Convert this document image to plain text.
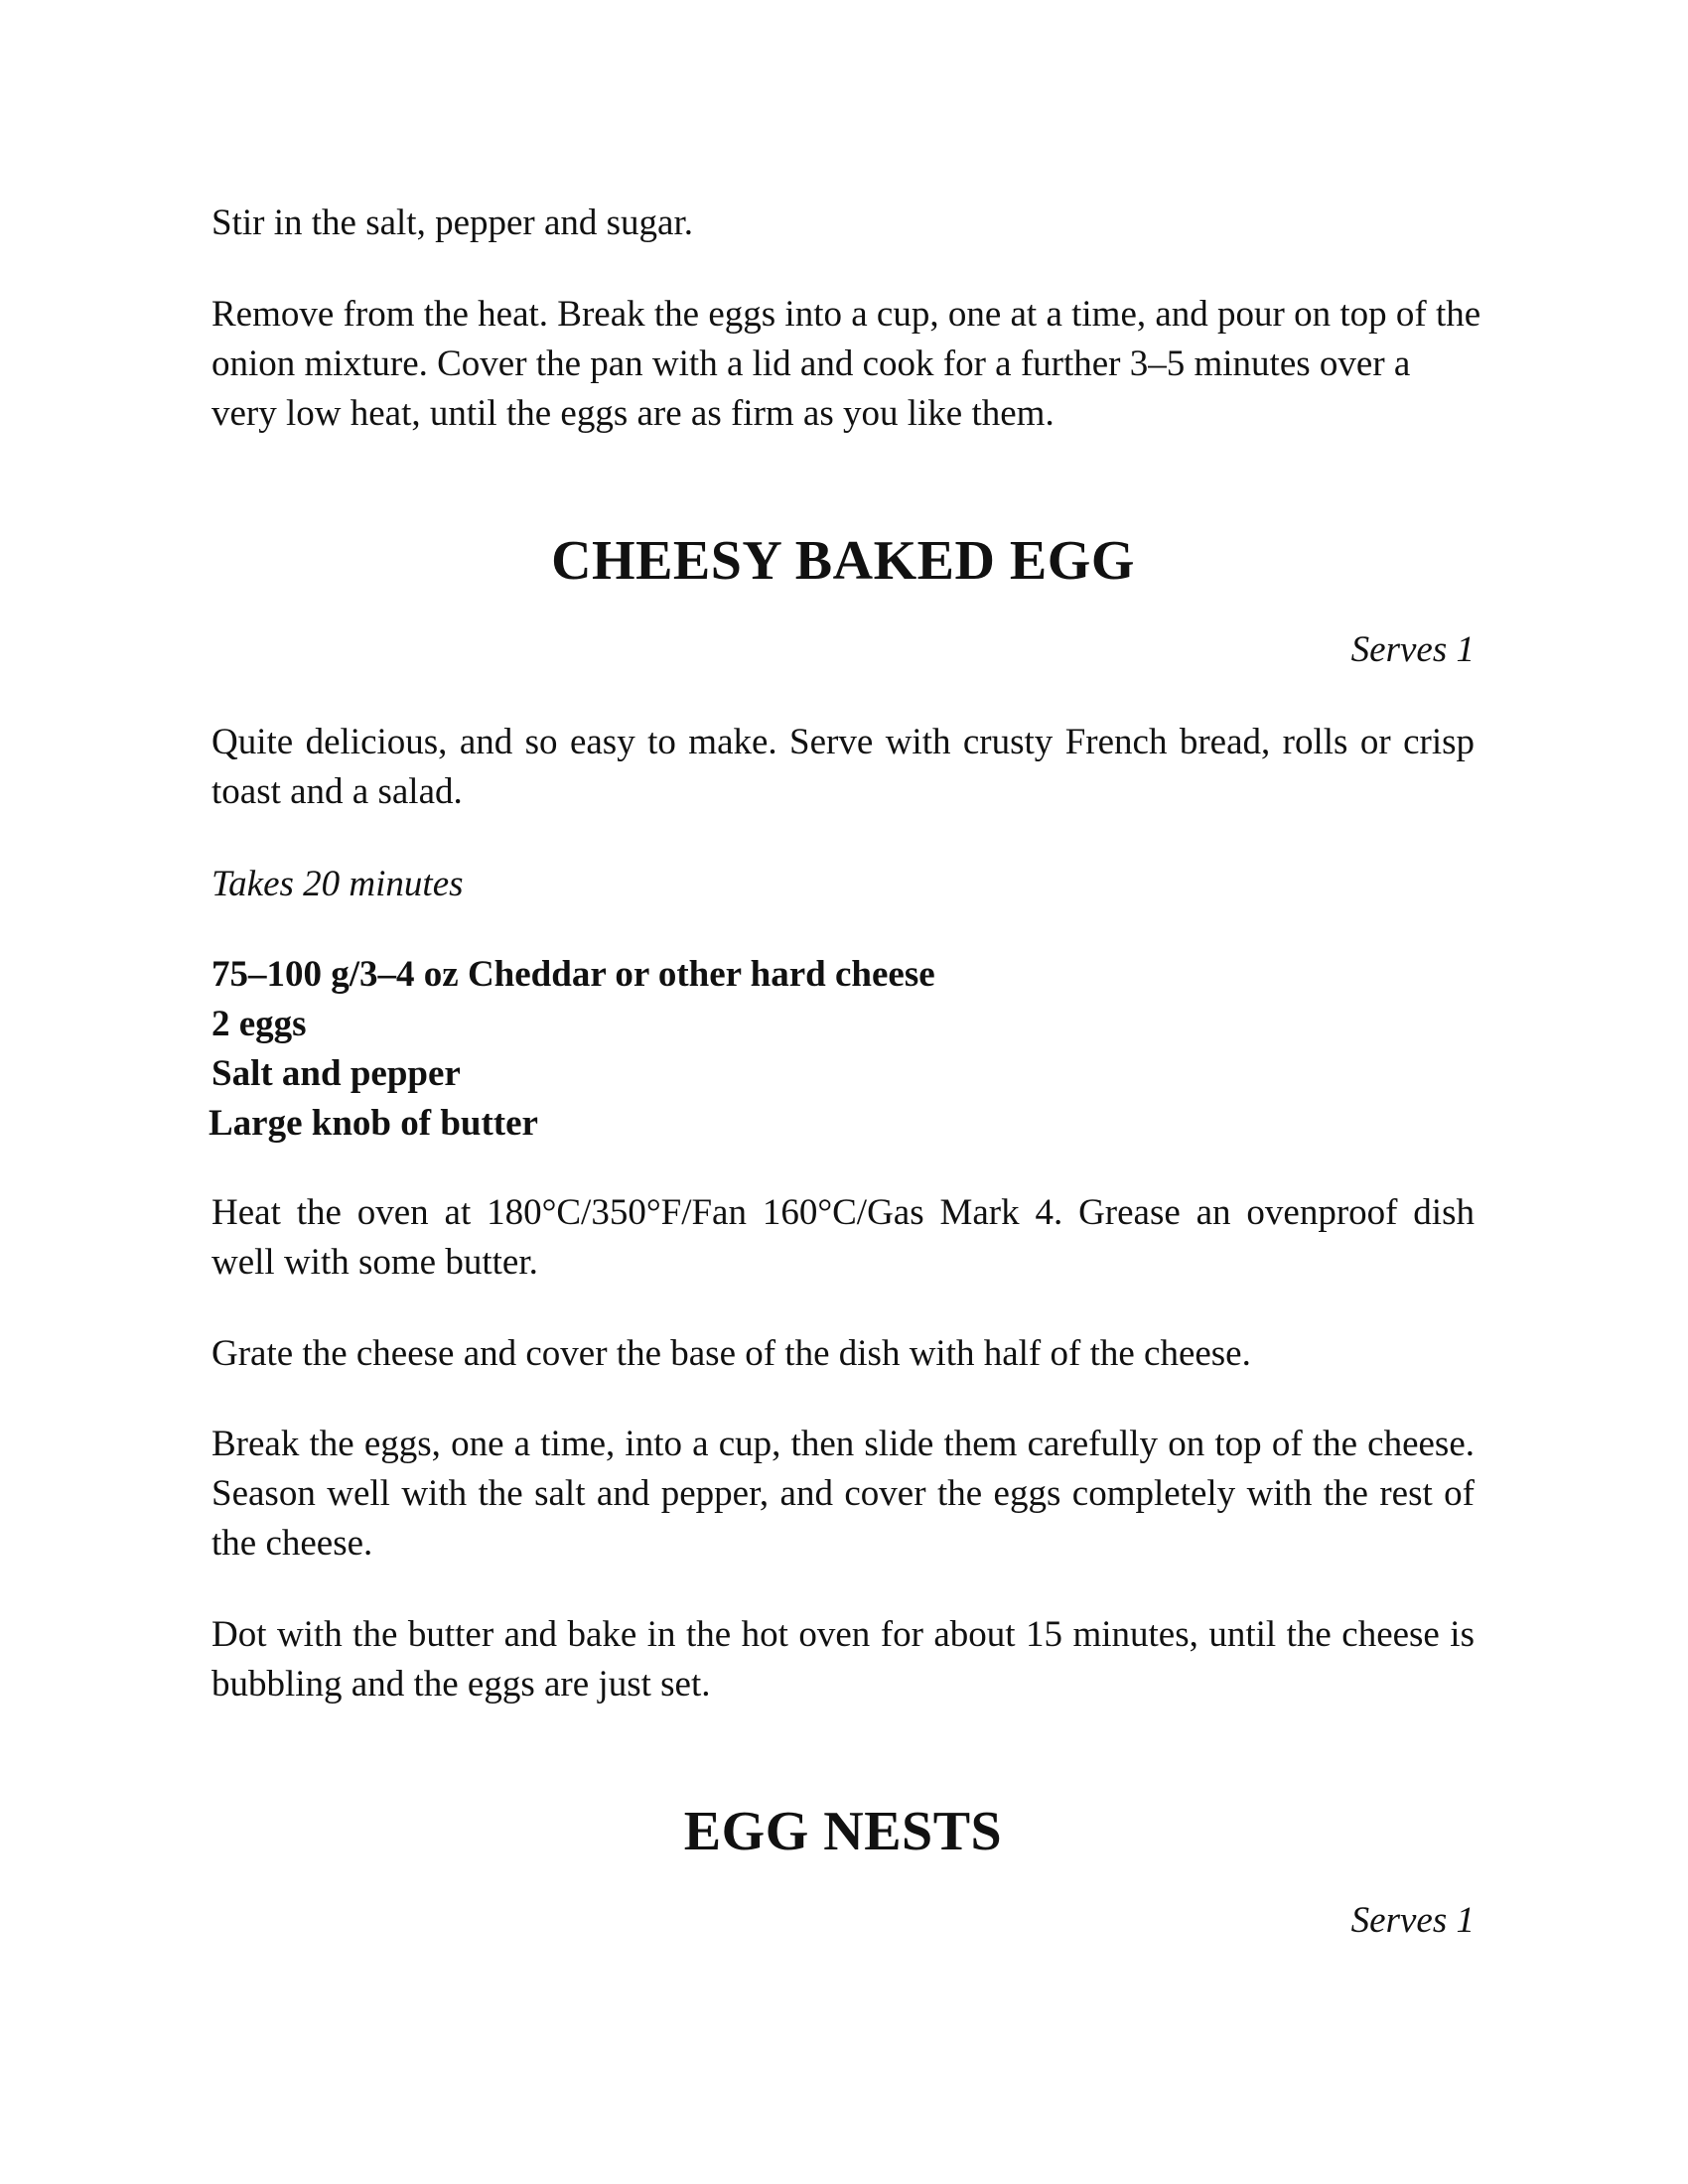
Stir in the salt, pepper and sugar.

Remove from the heat. Break the eggs into a cup, one at a time, and pour on top of the onion mixture. Cover the pan with a lid and cook for a further 3–5 minutes over a very low heat, until the eggs are as firm as you like them.

CHEESY BAKED EGG

Serves 1

Quite delicious, and so easy to make. Serve with crusty French bread, rolls or crisp toast and a salad.

Takes 20 minutes

75–100 g/3–4 oz Cheddar or other hard cheese
2 eggs
Salt and pepper
Large knob of butter

Heat the oven at 180°C/350°F/Fan 160°C/Gas Mark 4. Grease an ovenproof dish well with some butter.

Grate the cheese and cover the base of the dish with half of the cheese.

Break the eggs, one a time, into a cup, then slide them carefully on top of the cheese. Season well with the salt and pepper, and cover the eggs completely with the rest of the cheese.

Dot with the butter and bake in the hot oven for about 15 minutes, until the cheese is bubbling and the eggs are just set.

EGG NESTS

Serves 1
